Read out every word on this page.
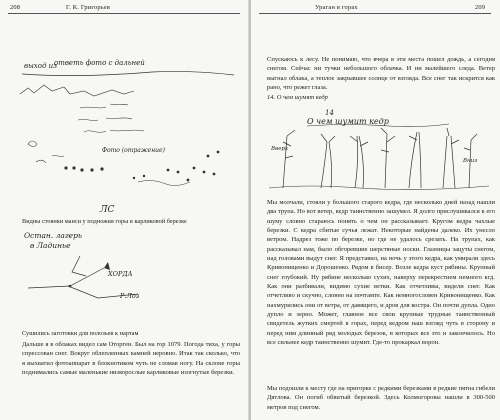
208	Г. К. Григорьев
выход из
ответь фото с дальней
Фото (отражение)
ЛС
Видны стоянки манси у подножия горы в карликовой березке
Остан. лагерь
в Ладинье
ХОРДА
Р.Лоз
Сушились заготовки для полозьев к нартам
Дальше я в облаках видел сам Оторген. Был на гор 1079. Погода тиха, у горы спрессован снег. Вокруг облепленных камней неровно. Итак так сколько, что я выхватил фотоаппарат в блокнотиком чуть не сломав ногу. На склоне горы поднимались самые маленькие низкорослые карликовые изогнутые березки.
Ураган в горах	209
Спускаюсь к лесу. Не понимаю, что вчера в эти места пошел дождь, а сегодня снегом. Сейчас ни тучки небольшого облачка. И ни малейшего следа. Ветер выгнал облака, а теплое закрывшее солнце от взгляда. Все снег так искрится как рано, что режет глаза.
14. О чем шумят кедр
14
О чем шумит кедр
Вверх
Вниз
Мы молчали, стояли у большого старого кедра, где несколько дней назад нашли два трупа. Но вот ветер, кедр таинственно зашумел. Я долго прислушивался к его шуму словно стараюсь понять о чем он рассказывает. Кругом кедра чахлые березки. С кедра сбитые сучья лежат. Некоторые найдены далеко. Их унесло ветром. Надрез тоже по березке, но где не удалось срезать. На трупах, как рассказывал нам, было обгоревшие шерстяные носки. Глазницы зацуты снегом, над головами выдут снег. Я представил, на ночь у этого кедра, как умирали здесь Кривонищенко и Дорошенко. Рядом в бисер. Возле кедра куст рябины. Крупный снег глубокий. Ну рябине несколько сухих, наверху перекрестием немного кгд. Как они разбивали, видимо сухие ветки. Как отчетливы, видели снег. Как отчетливо и скучно, словно на почтамте. Как немногословен Кривонищенко. Как нахмурились они от ветра, от давящего, и дров для костра. Он почти дупла. Одно дупло и зерно. Может, главное все свои крупные трудные таинственный свидетель жутких смертей в горах, перед кедром наш взгляд чуть в сторону и перед ним длинный ряд молодых березок, в которых все это и закончилось. Но все сильнее кедр таинственно шумит. Где-то прокаркал ворон.
Мы подошли к месту где на пригорке с редкими березками в редкие пятна гибели Дятлова. Он погиб обвитый березкой. Здесь Колмогоровы нашли в 300-500 метров под снегом.
